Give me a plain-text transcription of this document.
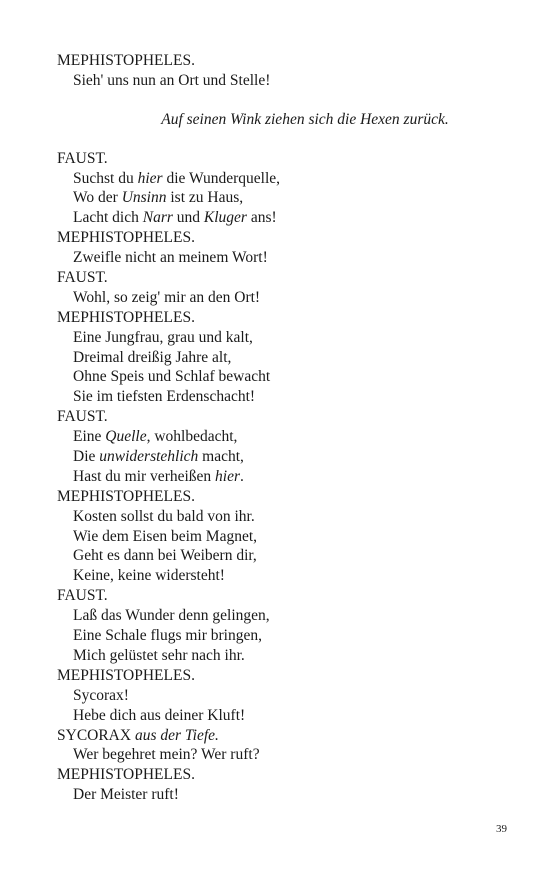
MEPHISTOPHELES.
Sieh' uns nun an Ort und Stelle!
Auf seinen Wink ziehen sich die Hexen zurück.
FAUST.
Suchst du hier die Wunderquelle,
Wo der Unsinn ist zu Haus,
Lacht dich Narr und Kluger ans!
MEPHISTOPHELES.
Zweifle nicht an meinem Wort!
FAUST.
Wohl, so zeig' mir an den Ort!
MEPHISTOPHELES.
Eine Jungfrau, grau und kalt,
Dreimal dreißig Jahre alt,
Ohne Speis und Schlaf bewacht
Sie im tiefsten Erdenschacht!
FAUST.
Eine Quelle, wohlbedacht,
Die unwiderstehlich macht,
Hast du mir verheißen hier.
MEPHISTOPHELES.
Kosten sollst du bald von ihr.
Wie dem Eisen beim Magnet,
Geht es dann bei Weibern dir,
Keine, keine widersteht!
FAUST.
Laß das Wunder denn gelingen,
Eine Schale flugs mir bringen,
Mich gelüstet sehr nach ihr.
MEPHISTOPHELES.
Sycorax!
Hebe dich aus deiner Kluft!
SYCORAX aus der Tiefe.
Wer begehret mein? Wer ruft?
MEPHISTOPHELES.
Der Meister ruft!
39
